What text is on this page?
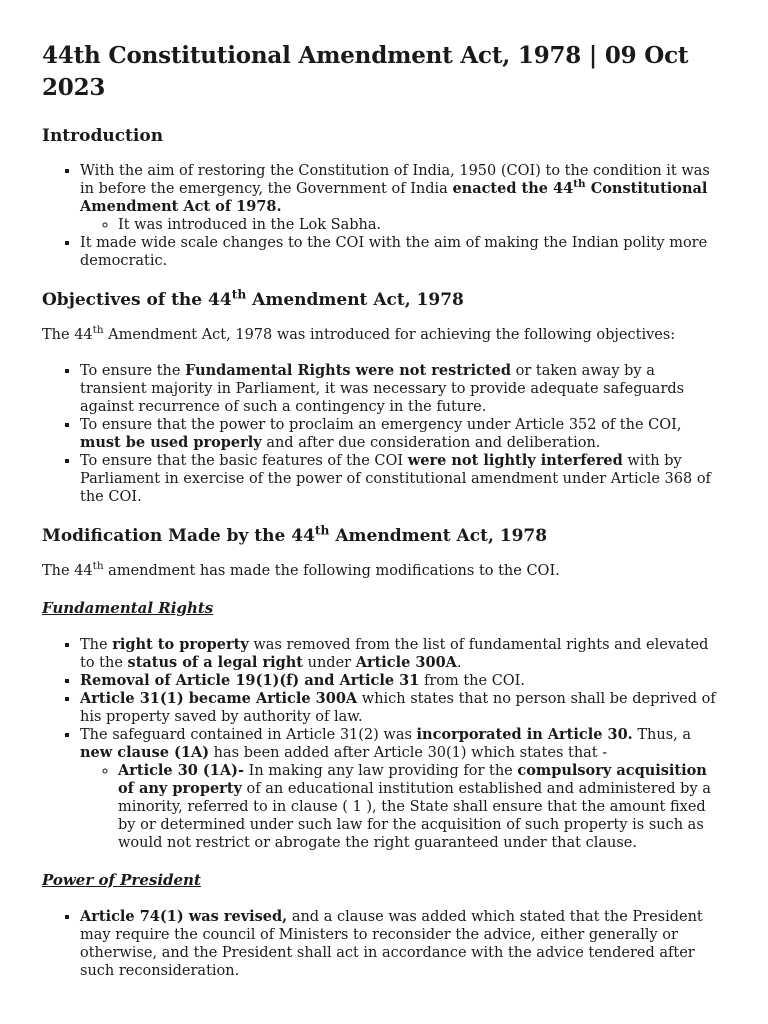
44th Constitutional Amendment Act, 1978 | 09 Oct 2023
Introduction
▪ With the aim of restoring the Constitution of India, 1950 (COI) to the condition it was in before the emergency, the Government of India enacted the 44th Constitutional Amendment Act of 1978.
◦ It was introduced in the Lok Sabha.
▪ It made wide scale changes to the COI with the aim of making the Indian polity more democratic.
Objectives of the 44th Amendment Act, 1978

The 44th Amendment Act, 1978 was introduced for achieving the following objectives:

▪ To ensure the Fundamental Rights were not restricted or taken away by a transient majority in Parliament, it was necessary to provide adequate safeguards against recurrence of such a contingency in the future.
▪ To ensure that the power to proclaim an emergency under Article 352 of the COI, must be used properly and after due consideration and deliberation.
▪ To ensure that the basic features of the COI were not lightly interfered with by Parliament in exercise of the power of constitutional amendment under Article 368 of the COI.
Modification Made by the 44th Amendment Act, 1978

The 44th amendment has made the following modifications to the COI.

Fundamental Rights
▪ The right to property was removed from the list of fundamental rights and elevated to the status of a legal right under Article 300A.
▪ Removal of Article 19(1)(f) and Article 31 from the COI.
▪ Article 31(1) became Article 300A which states that no person shall be deprived of his property saved by authority of law.
▪ The safeguard contained in Article 31(2) was incorporated in Article 30. Thus, a new clause (1A) has been added after Article 30(1) which states that -
◦ Article 30 (1A)- In making any law providing for the compulsory acquisition of any property of an educational institution established and administered by a minority, referred to in clause ( 1 ), the State shall ensure that the amount fixed by or determined under such law for the acquisition of such property is such as would not restrict or abrogate the right guaranteed under that clause.
Power of President
▪ Article 74(1) was revised, and a clause was added which stated that the President may require the council of Ministers to reconsider the advice, either generally or otherwise, and the President shall act in accordance with the advice tendered after such reconsideration.
